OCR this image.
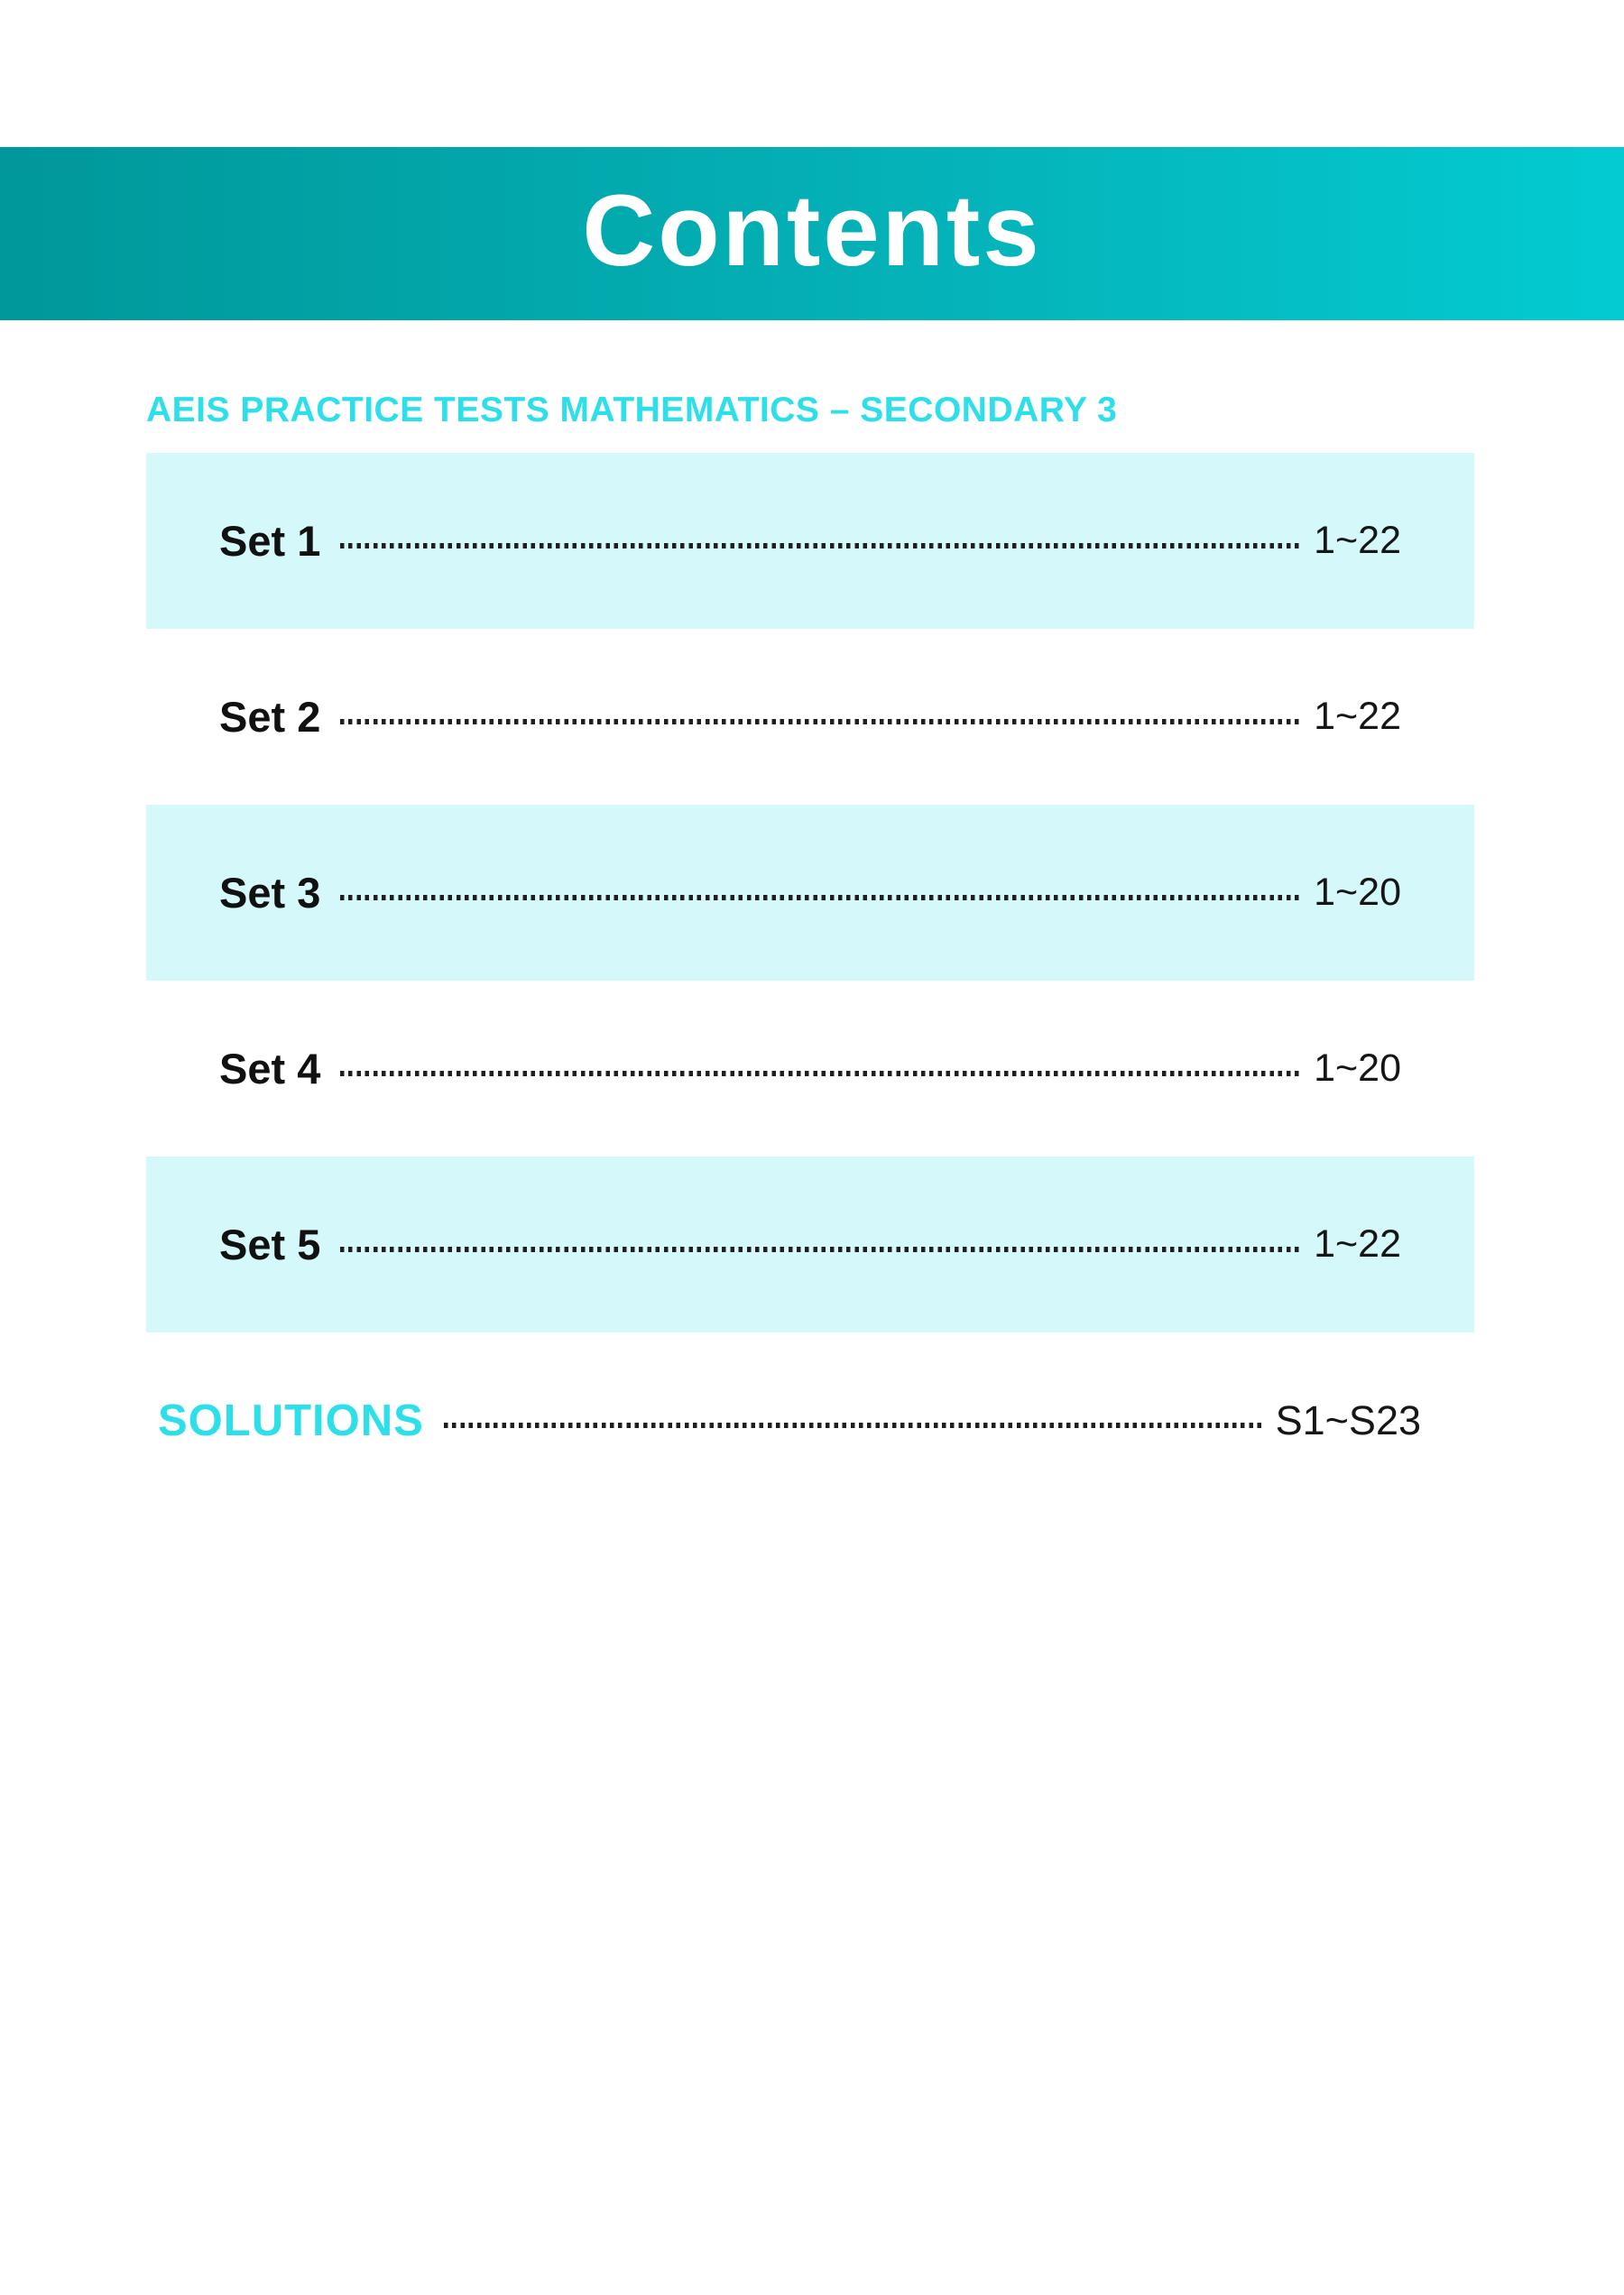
Contents
AEIS PRACTICE TESTS MATHEMATICS – SECONDARY 3
Set 1	1~22
Set 2	1~22
Set 3	1~20
Set 4	1~20
Set 5	1~22
SOLUTIONS	S1~S23
